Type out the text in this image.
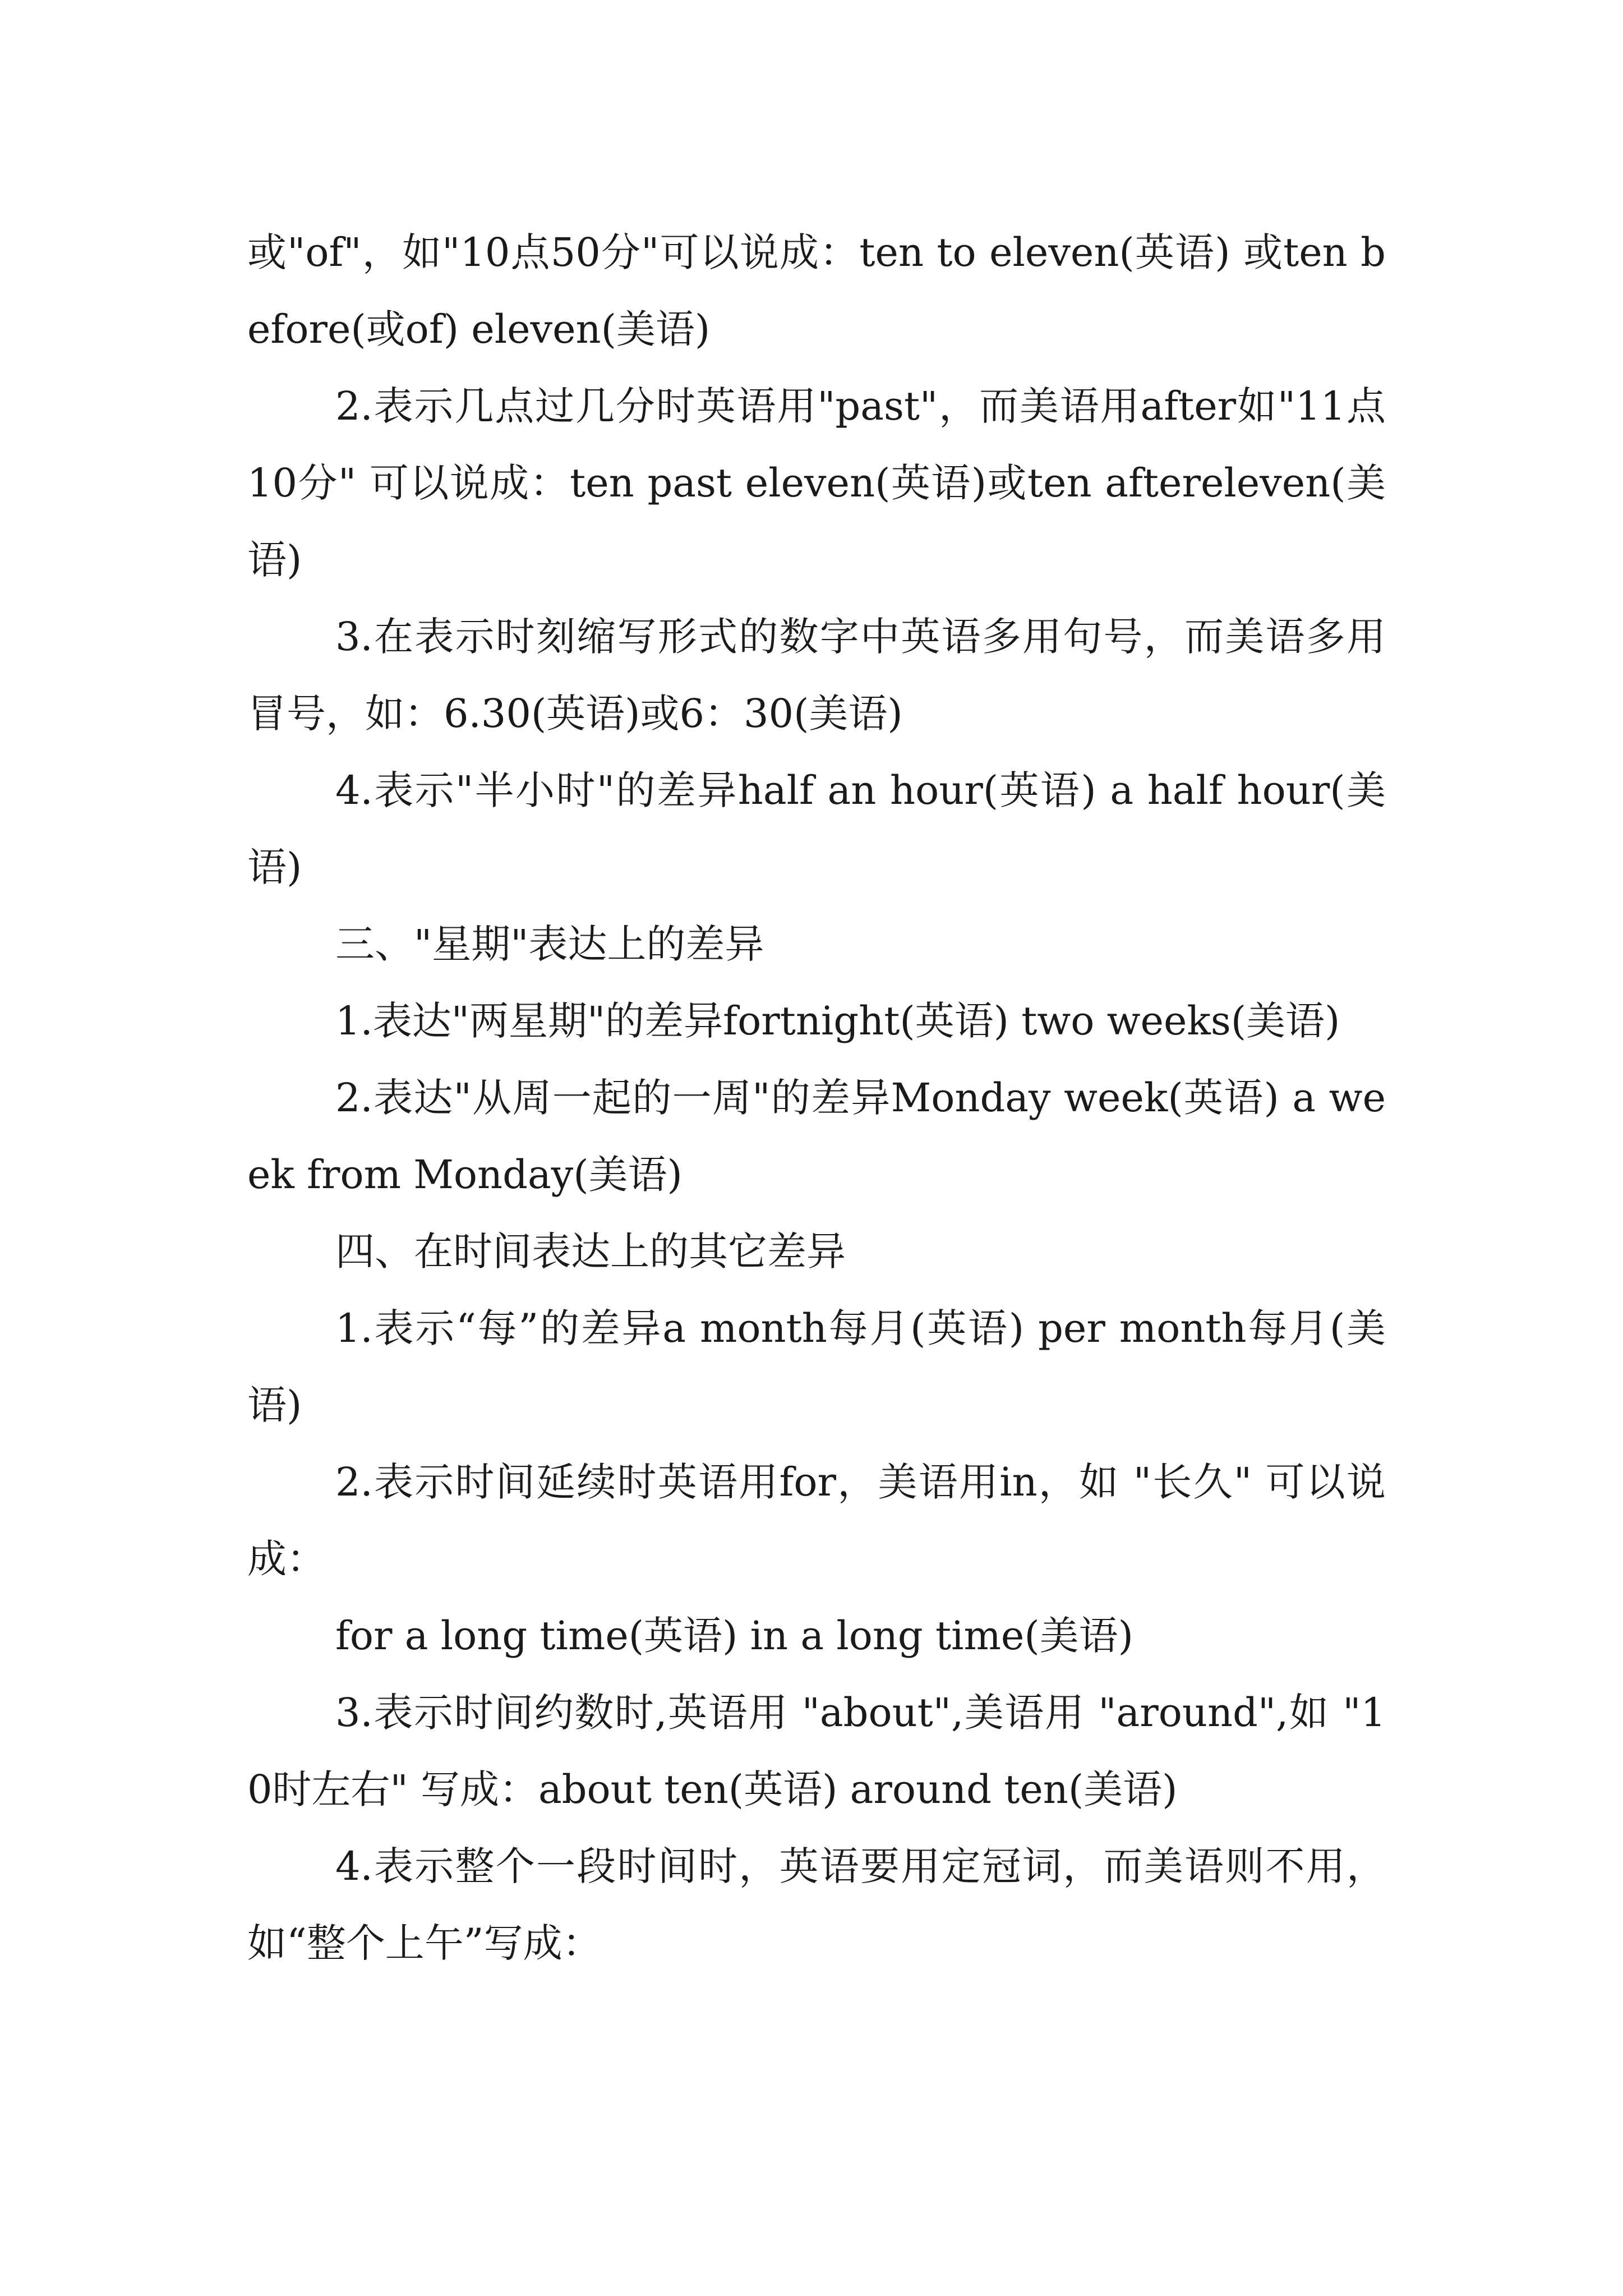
或"of"，如"10点50分"可以说成：ten to eleven(英语) 或ten before(或of) eleven(美语)

2.表示几点过几分时英语用"past"，而美语用after如"11点10分" 可以说成：ten past eleven(英语)或ten aftereleven(美语)

3.在表示时刻缩写形式的数字中英语多用句号，而美语多用冒号，如：6.30(英语)或6：30(美语)

4.表示"半小时"的差异half an hour(英语) a half hour(美语)

三、"星期"表达上的差异

1.表达"两星期"的差异fortnight(英语) two weeks(美语)

2.表达"从周一起的一周"的差异Monday week(英语) a week from Monday(美语)

四、在时间表达上的其它差异

1.表示“每”的差异a month每月(英语) per month每月(美语)

2.表示时间延续时英语用for，美语用in，如 "长久" 可以说成：

for a long time(英语) in a long time(美语)

3.表示时间约数时,英语用 "about",美语用 "around",如 "10时左右" 写成：about ten(英语) around ten(美语)

4.表示整个一段时间时，英语要用定冠词，而美语则不用，如“整个上午”写成：
